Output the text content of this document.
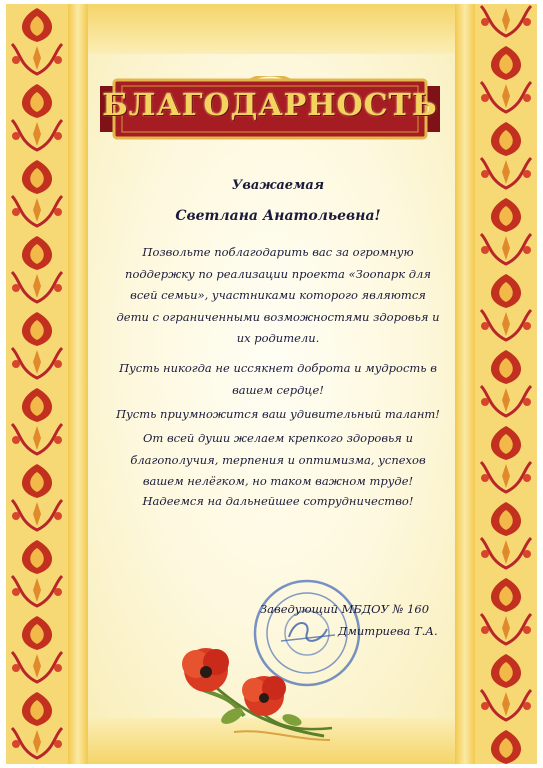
БЛАГОДАРНОСТЬ
Уважаемая
Светлана Анатольевна!
Позвольте поблагодарить вас за огромную
поддержку по реализации проекта «Зоопарк для
всей семьи», участниками которого являются
дети с ограниченными возможностями здоровья и
их родители.
Пусть никогда не иссякнет доброта и мудрость в
вашем сердце!
Пусть приумножится ваш удивительный талант!
От всей души желаем крепкого здоровья и
благополучия, терпения и оптимизма, успехов
вашем нелёгком, но таком важном труде!
Надеемся на дальнейшее сотрудничество!
Заведующий МБДОУ № 160
Дмитриева Т.А.
